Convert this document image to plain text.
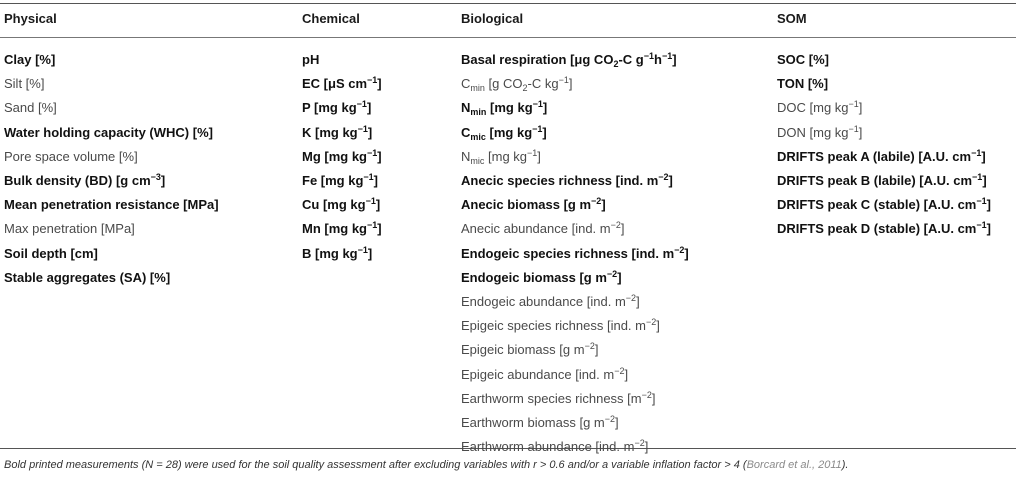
Physical
Clay [%]
Silt [%]
Sand [%]
Water holding capacity (WHC) [%]
Pore space volume [%]
Bulk density (BD) [g $cm^{-3}$]
Mean penetration resistance [MPa]
Max penetration [MPa]
Soil depth [cm]
Stable aggregates (SA) [%]
Chemical
pH
EC [μS $cm^{-1}$]
P [mg $kg^{-1}$]
K [mg $kg^{-1}$]
Mg [mg $kg^{-1}$]
Fe [mg $kg^{-1}$]
Cu [mg $kg^{-1}$]
Mn [mg $kg^{-1}$]
B [mg $kg^{-1}$]
Biological
Basal respiration [μg $CO_2-C$ $g^{-1}h^{-1}$]
$C_{min}$ [g $CO_2-C$ $kg^{-1}$]
$N_{min}$ [mg $kg^{-1}$]
$C_{mic}$ [mg $kg^{-1}$]
$N_{mic}$ [mg $kg^{-1}$]
Anecic species richness [ind. $m^{-2}$]
Anecic biomass [g $m^{-2}$]
Anecic abundance [ind. $m^{-2}$]
Endogeic species richness [ind. $m^{-2}$]
Endogeic biomass [g $m^{-2}$]
Endogeic abundance [ind. $m^{-2}$]
Epigeic species richness [ind. $m^{-2}$]
Epigeic biomass [g $m^{-2}$]
Epigeic abundance [ind. $m^{-2}$]
Earthworm species richness $[m^{-2}]$
Earthworm biomass [g $m^{-2}$]
Earthworm abundance [ind. $m^{-2}$]
SOM
SOC [%]
TON [%]
DOC [mg $kg^{-1}$]
DON [mg $kg^{-1}$]
DRIFTS peak A (labile) [A.U. $cm^{-1}$]
DRIFTS peak B (labile) [A.U. $cm^{-1}$]
DRIFTS peak C (stable) [A.U. $cm^{-1}$]
DRIFTS peak D (stable) [A.U. $cm^{-1}$]
Bold printed measurements (N = 28) were used for the soil quality assessment after excluding variables with r > 0.6 and/or a variable inflation factor > 4 (Borcard et al., 2011).
